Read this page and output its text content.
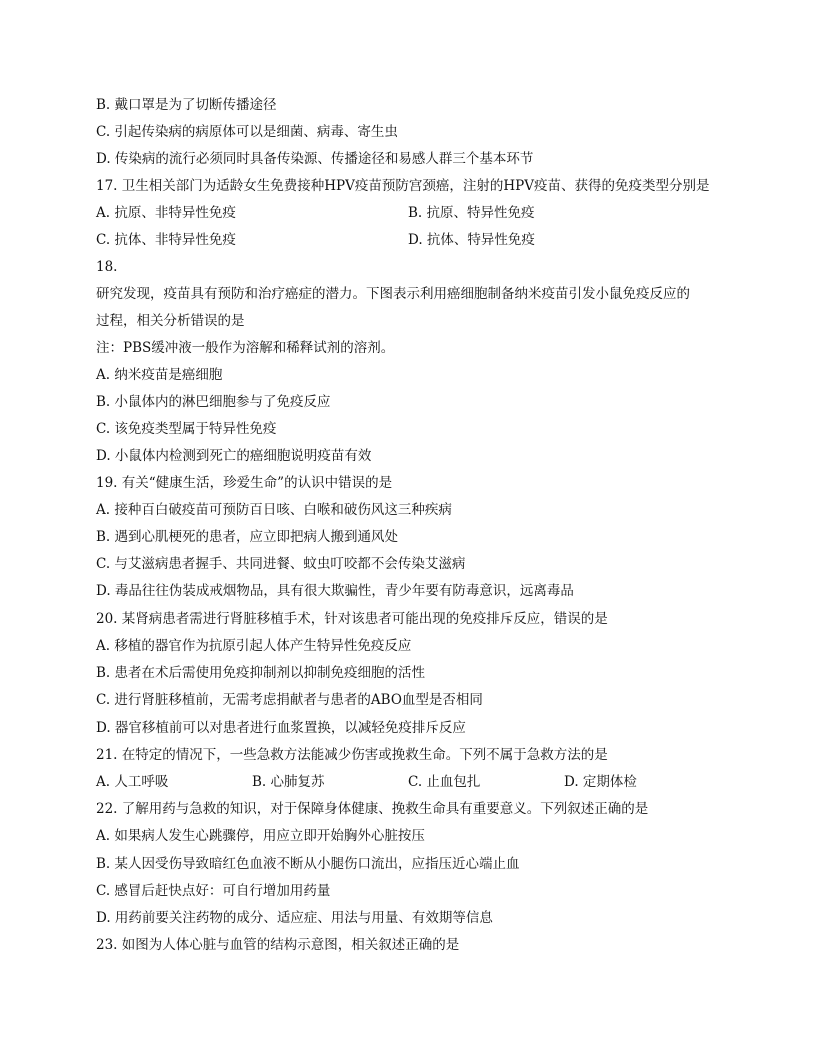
B. 戴口罩是为了切断传播途径
C. 引起传染病的病原体可以是细菌、病毒、寄生虫
D. 传染病的流行必须同时具备传染源、传播途径和易感人群三个基本环节
17. 卫生相关部门为适龄女生免费接种HPV疫苗预防宫颈癌，注射的HPV疫苗、获得的免疫类型分别是
A. 抗原、非特异性免疫	B. 抗原、特异性免疫
C. 抗体、非特异性免疫	D. 抗体、特异性免疫
18.
研究发现，疫苗具有预防和治疗癌症的潜力。下图表示利用癌细胞制备纳米疫苗引发小鼠免疫反应的
过程，相关分析错误的是
注：PBS缓冲液一般作为溶解和稀释试剂的溶剂。
A. 纳米疫苗是癌细胞
B. 小鼠体内的淋巴细胞参与了免疫反应
C. 该免疫类型属于特异性免疫
D. 小鼠体内检测到死亡的癌细胞说明疫苗有效
19. 有关“健康生活，珍爱生命”的认识中错误的是
A. 接种百白破疫苗可预防百日咳、白喉和破伤风这三种疾病
B. 遇到心肌梗死的患者，应立即把病人搬到通风处
C. 与艾滋病患者握手、共同进餐、蚊虫叮咬都不会传染艾滋病
D. 毒品往往伪装成戒烟物品，具有很大欺骗性，青少年要有防毒意识，远离毒品
20. 某肾病患者需进行肾脏移植手术，针对该患者可能出现的免疫排斥反应，错误的是
A. 移植的器官作为抗原引起人体产生特异性免疫反应
B. 患者在术后需使用免疫抑制剂以抑制免疫细胞的活性
C. 进行肾脏移植前，无需考虑捐献者与患者的ABO血型是否相同
D. 器官移植前可以对患者进行血浆置换，以减轻免疫排斥反应
21. 在特定的情况下，一些急救方法能减少伤害或挽救生命。下列不属于急救方法的是
A. 人工呼吸	B. 心肺复苏	C. 止血包扎	D. 定期体检
22. 了解用药与急救的知识，对于保障身体健康、挽救生命具有重要意义。下列叙述正确的是
A. 如果病人发生心跳骤停，用应立即开始胸外心脏按压
B. 某人因受伤导致暗红色血液不断从小腿伤口流出，应指压近心端止血
C. 感冒后赶快点好：可自行增加用药量
D. 用药前要关注药物的成分、适应症、用法与用量、有效期等信息
23. 如图为人体心脏与血管的结构示意图，相关叙述正确的是
